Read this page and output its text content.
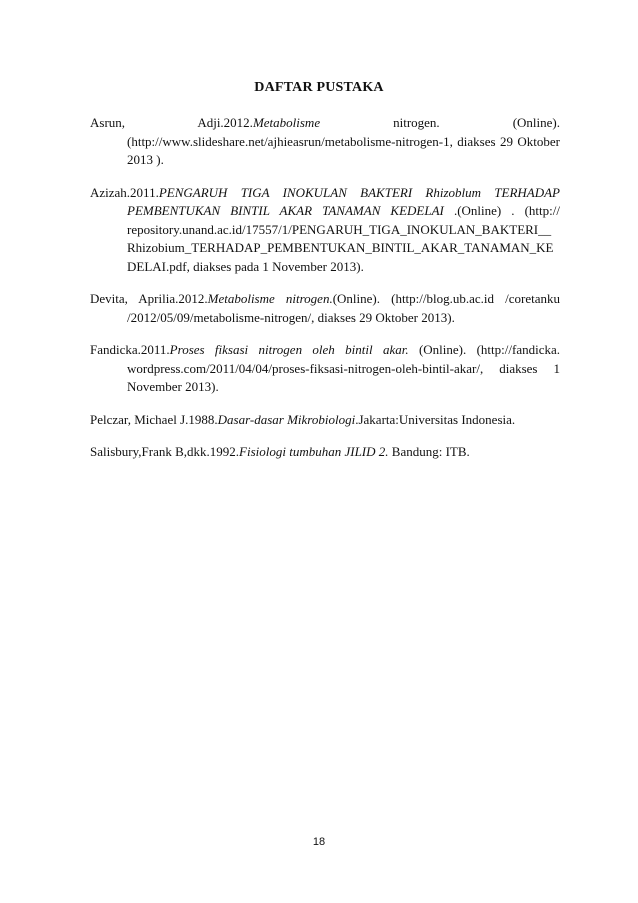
DAFTAR PUSTAKA

Asrun, Adji.2012.Metabolisme nitrogen. (Online).(http://www.slideshare.net/ajhieasrun/metabolisme-nitrogen-1, diakses 29 Oktober 2013 ).

Azizah.2011.PENGARUH TIGA INOKULAN BAKTERI Rhizoblum TERHADAP PEMBENTUKAN BINTIL AKAR TANAMAN KEDELAI .(Online) . (http:// repository.unand.ac.id/17557/1/PENGARUH_TIGA_INOKULAN_BAKTERI__ Rhizobium_TERHADAP_PEMBENTUKAN_BINTIL_AKAR_TANAMAN_KE DELAI.pdf, diakses pada 1 November 2013).

Devita, Aprilia.2012.Metabolisme nitrogen.(Online). (http://blog.ub.ac.id /coretanku /2012/05/09/metabolisme-nitrogen/, diakses 29 Oktober 2013).

Fandicka.2011.Proses fiksasi nitrogen oleh bintil akar. (Online). (http://fandicka. wordpress.com/2011/04/04/proses-fiksasi-nitrogen-oleh-bintil-akar/, diakses 1 November 2013).

Pelczar, Michael J.1988.Dasar-dasar Mikrobiologi.Jakarta:Universitas Indonesia.

Salisbury,Frank B,dkk.1992.Fisiologi tumbuhan JILID 2. Bandung: ITB.

18
